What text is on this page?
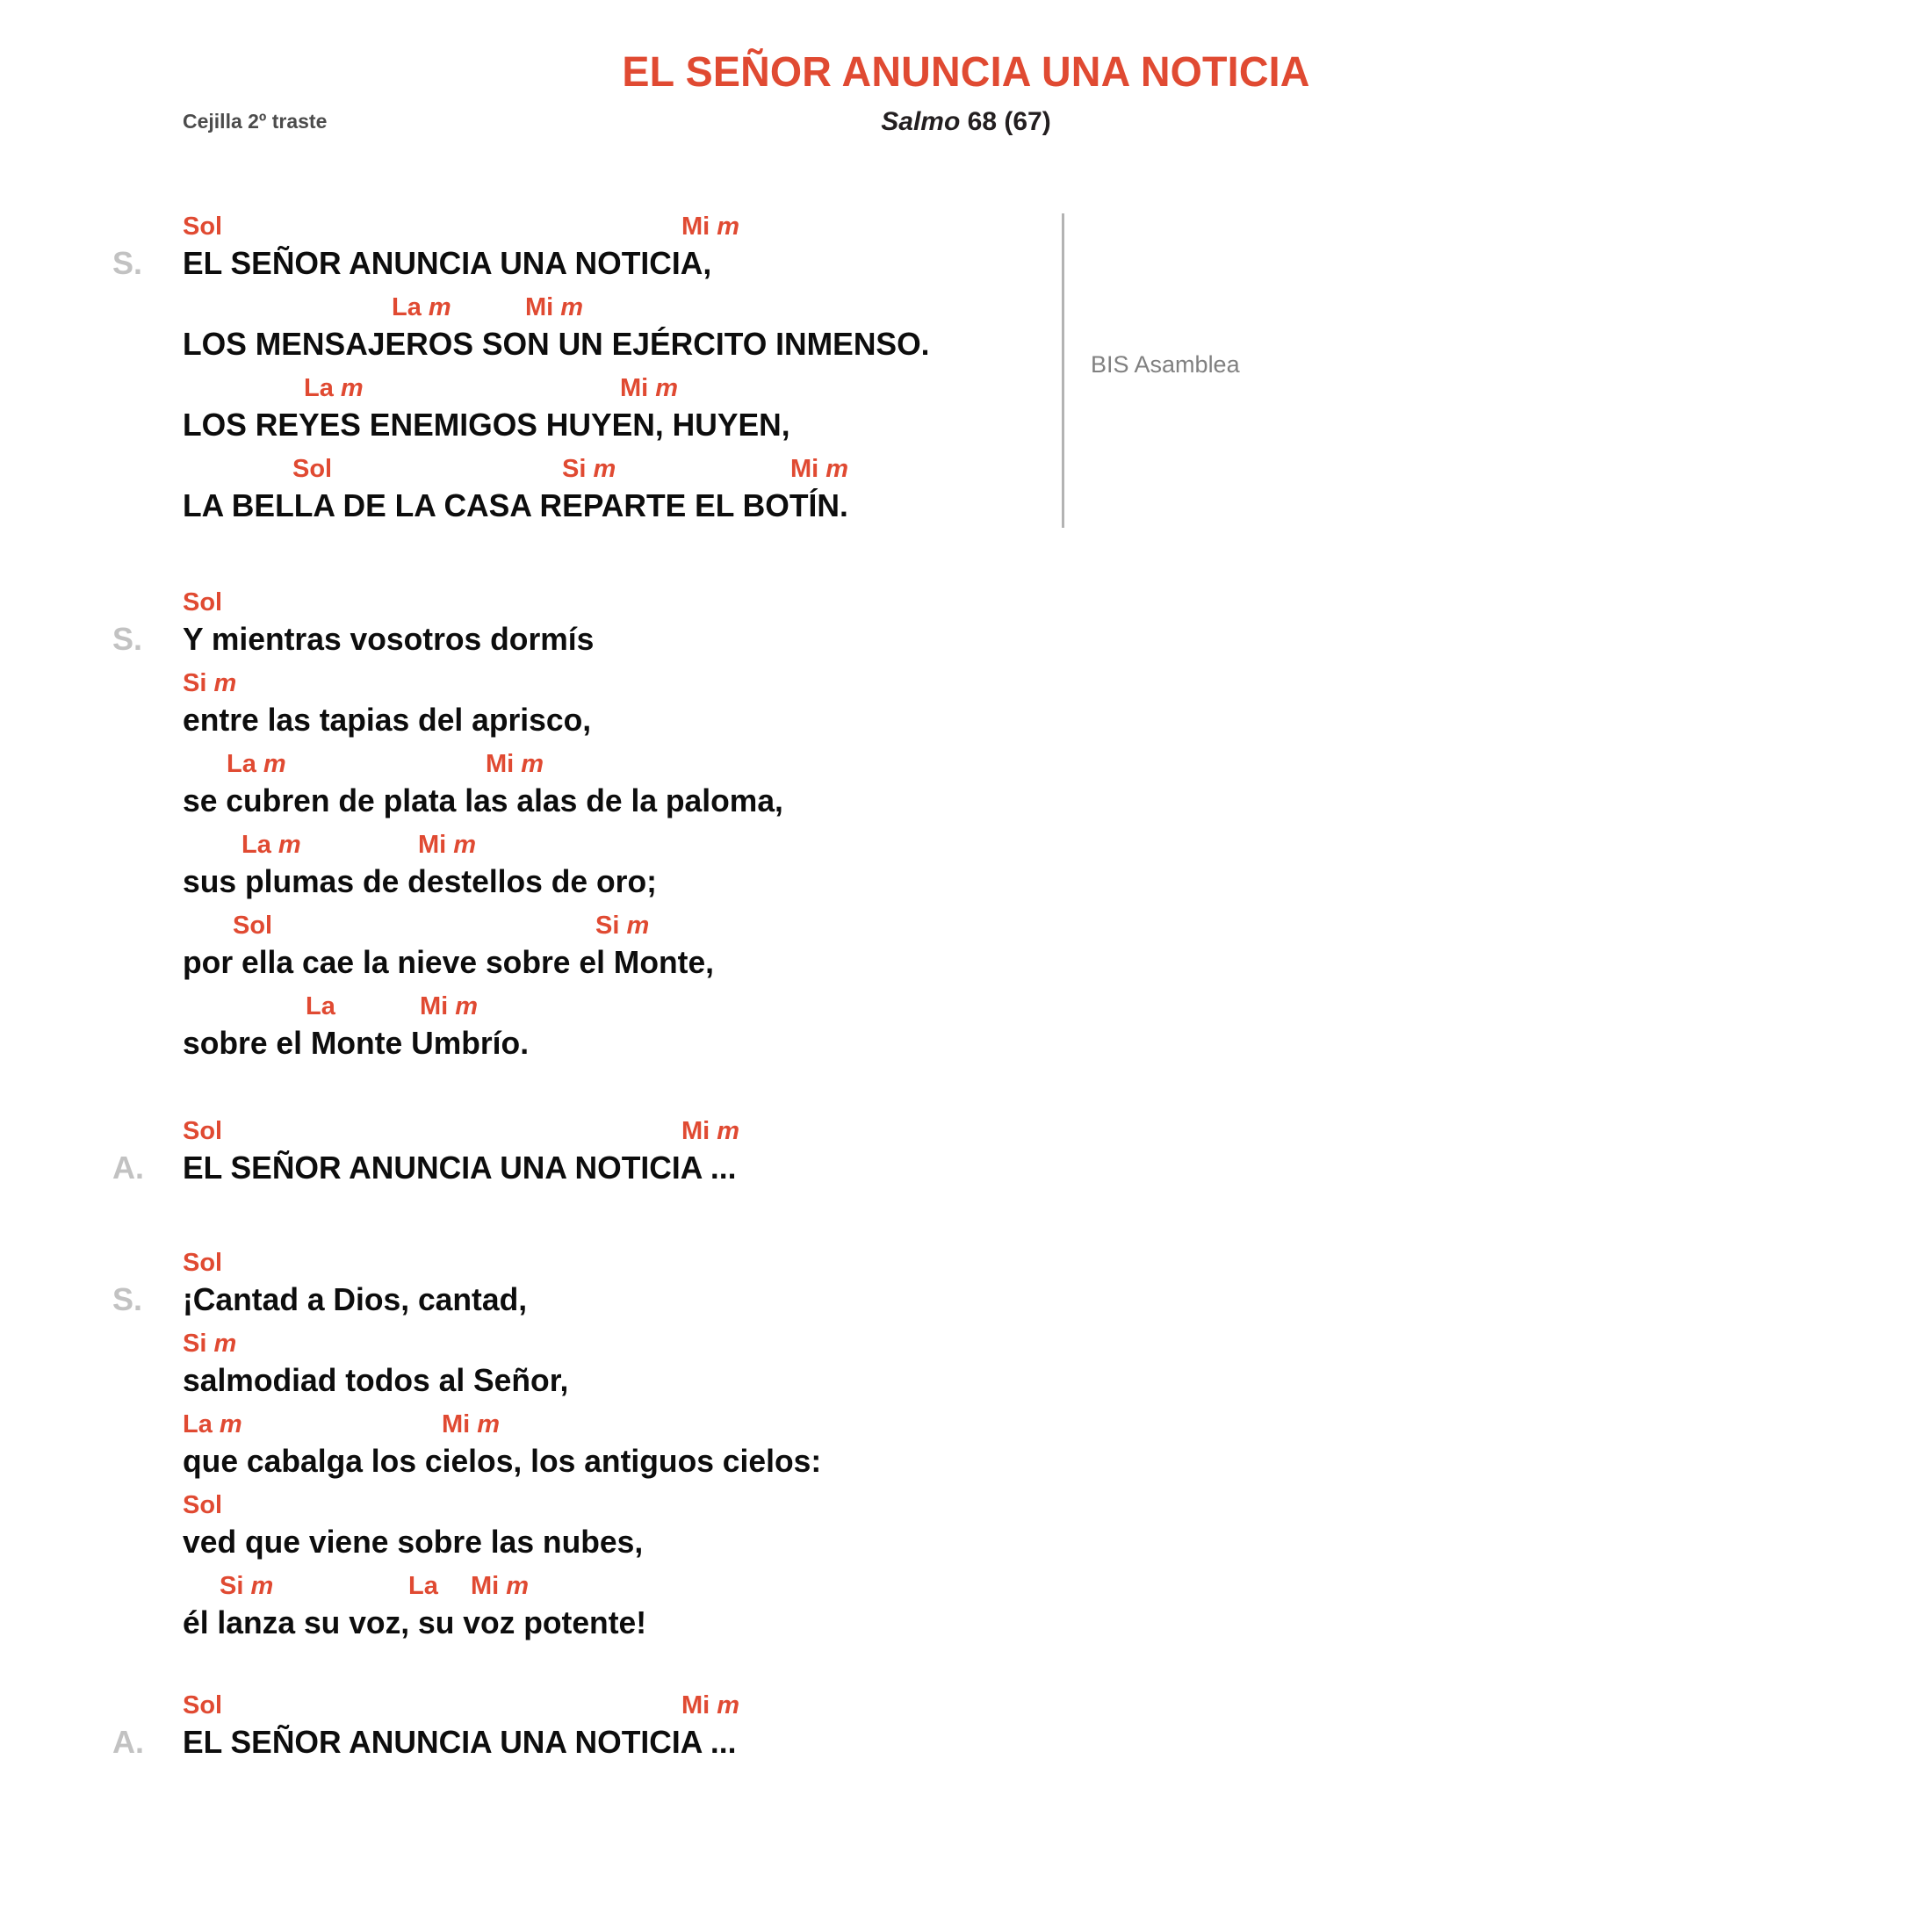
EL SEÑOR ANUNCIA UNA NOTICIA
Cejilla 2º traste	Salmo 68 (67)
S.
Sol	Mi m
EL SEÑOR ANUNCIA UNA NOTICIA,
La m	Mi m
LOS MENSAJEROS SON UN EJÉRCITO INMENSO.
La m	Mi m
LOS REYES ENEMIGOS HUYEN, HUYEN,
Sol	Si m	Mi m
LA BELLA DE LA CASA REPARTE EL BOTÍN.
S.
Sol
Y mientras vosotros dormís
Si m
entre las tapias del aprisco,
La m	Mi m
se cubren de plata las alas de la paloma,
La m	Mi m
sus plumas de destellos de oro;
Sol	Si m
por ella cae la nieve sobre el Monte,
La	Mi m
sobre el Monte Umbrío.
A.
Sol	Mi m
EL SEÑOR ANUNCIA UNA NOTICIA ...
S.
Sol
¡Cantad a Dios, cantad,
Si m
salmodiad todos al Señor,
La m	Mi m
que cabalga los cielos, los antiguos cielos:
Sol
ved que viene sobre las nubes,
Si m	La Mi m
él lanza su voz, su voz potente!
A.
Sol	Mi m
EL SEÑOR ANUNCIA UNA NOTICIA ...
BIS Asamblea
